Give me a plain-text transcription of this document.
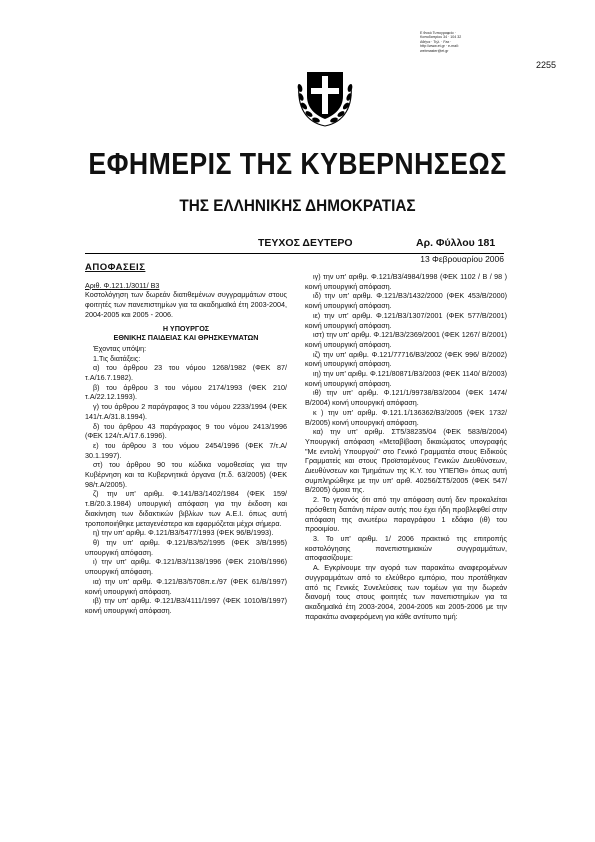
Ε θνικό Τυπογραφείο · Καποδιστρίου 34 · 104 32 Αθήνα · Τηλ. · Fax · http://www.et.gr · e-mail: webmaster@et.gr
2255
ΕΦΗΜΕΡΙΣ ΤΗΣ ΚΥΒΕΡΝΗΣΕΩΣ
ΤΗΣ ΕΛΛΗΝΙΚΗΣ ΔΗΜΟΚΡΑΤΙΑΣ
ΤΕΥΧΟΣ ΔΕΥΤΕΡΟ	Αρ. Φύλλου 181
13 Φεβρουαρίου 2006

ΑΠΟΦΑΣΕΙΣ

Αριθ. Φ.121.1/3011/ Β3

Κοστολόγηση των δωρεάν διατιθεμένων συγγραμμάτων στους φοιτητές των πανεπιστημίων για τα ακαδημαϊκά έτη 2003-2004, 2004-2005 και 2005 - 2006.

Η ΥΠΟΥΡΓΟΣ

ΕΘΝΙΚΗΣ ΠΑΙΔΕΙΑΣ ΚΑΙ ΘΡΗΣΚΕΥΜΑΤΩΝ

Έχοντας υπόψη:

1.Τις διατάξεις:

α) του άρθρου 23 του νόμου 1268/1982 (ΦΕΚ 87/ τ.Α/16.7.1982).

β) του άρθρου 3 του νόμου 2174/1993 (ΦΕΚ 210/ τ.Α/22.12.1993).

γ) του άρθρου 2 παράγραφος 3 του νόμου 2233/1994 (ΦΕΚ 141/τ.Α/31.8.1994).

δ) του άρθρου 43 παράγραφος 9 του νόμου 2413/1996 (ΦΕΚ 124/τ.Α/17.6.1996).

ε) του άρθρου 3 του νόμου 2454/1996 (ΦΕΚ 7/τ.Α/ 30.1.1997).

στ) του άρθρου 90 του κώδικα νομοθεσίας για την Κυβέρνηση και τα Κυβερνητικά όργανα (π.δ. 63/2005) (ΦΕΚ 98/τ.Α/2005).

ζ) την υπ' αριθμ. Φ.141/Β3/1402/1984 (ΦΕΚ 159/ τ.Β/20.3.1984) υπουργική απόφαση για την έκδοση και διακίνηση των διδακτικών βιβλίων των Α.Ε.Ι. όπως αυτή τροποποιήθηκε μεταγενέστερα και εφαρμόζεται μέχρι σήμερα.

η) την υπ' αριθμ. Φ.121/Β3/5477/1993 (ΦΕΚ 96/Β/1993).

θ) την υπ' αριθμ. Φ.121/Β3/52/1995 (ΦΕΚ 3/Β/1995) υπουργική απόφαση.

ι) την υπ' αριθμ. Φ.121/Β3/1138/1996 (ΦΕΚ 210/Β/1996) υπουργική απόφαση.

ια) την υπ' αριθμ. Φ.121/Β3/5708π.ε./97 (ΦΕΚ 61/Β/1997) κοινή υπουργική απόφαση.

ιβ) την υπ' αριθμ. Φ.121/Β3/4111/1997 (ΦΕΚ 1010/Β/1997) κοινή υπουργική απόφαση.

ιγ) την υπ' αριθμ. Φ.121/Β3/4984/1998 (ΦΕΚ 1102 / Β / 98 ) κοινή υπουργική απόφαση.

ιδ) την υπ' αριθμ. Φ.121/Β3/1432/2000 (ΦΕΚ 453/Β/2000) κοινή υπουργική απόφαση.

ιε) την υπ' αριθμ. Φ.121/Β3/1307/2001 (ΦΕΚ 577/Β/2001) κοινή υπουργική απόφαση.

ιστ) την υπ' αριθμ. Φ.121/Β3/2369/2001 (ΦΕΚ 1267/ Β/2001) κοινή υπουργική απόφαση.

ιζ) την υπ' αριθμ. Φ.121/77716/Β3/2002 (ΦΕΚ 996/ Β/2002) κοινή υπουργική απόφαση.

ιη) την υπ' αριθμ. Φ.121/80871/Β3/2003 (ΦΕΚ 1140/ Β/2003) κοινή υπουργική απόφαση.

ιθ) την υπ' αριθμ. Φ.121/1/99738/Β3/2004 (ΦΕΚ 1474/ Β/2004) κοινή υπουργική απόφαση.

κ ) την υπ' αριθμ. Φ.121.1/136362/Β3/2005 (ΦΕΚ 1732/ Β/2005) κοινή υπουργική απόφαση.

κα) την υπ' αριθμ. ΣΤ5/38235/04 (ΦΕΚ 583/Β/2004) Υπουργική απόφαση «Μεταβίβαση δικαιώματος υπογραφής "Με εντολή Υπουργού" στο Γενικό Γραμματέα στους Ειδικούς Γραμματείς και στους Προϊσταμένους Γενικών Διευθύνσεων, Διευθύνσεων και Τμημάτων της Κ.Υ. του ΥΠΕΠΘ» όπως αυτή συμπληρώθηκε με την υπ' αριθ. 40256/ΣΤ5/2005 (ΦΕΚ 547/Β/2005) όμοια της.

2. Το γεγονός ότι από την απόφαση αυτή δεν προκαλείται πρόσθετη δαπάνη πέραν αυτής που έχει ήδη προβλεφθεί στην απόφαση της ανωτέρω παραγράφου 1 εδάφιο (ιθ) του προοιμίου.

3. Το υπ' αριθμ. 1/ 2006 πρακτικό της επιτροπής κοστολόγησης πανεπιστημιακών συγγραμμάτων, αποφασίζουμε:

Α. Εγκρίνουμε την αγορά των παρακάτω αναφερομένων συγγραμμάτων από το ελεύθερο εμπόριο, που προτάθηκαν από τις Γενικές Συνελεύσεις των τομέων για την δωρεάν διανομή τους στους φοιτητές των πανεπιστημίων για τα ακαδημαϊκά έτη 2003-2004, 2004-2005 και 2005-2006 με την παρακάτω αναφερόμενη για κάθε αντίτυπο τιμή:
